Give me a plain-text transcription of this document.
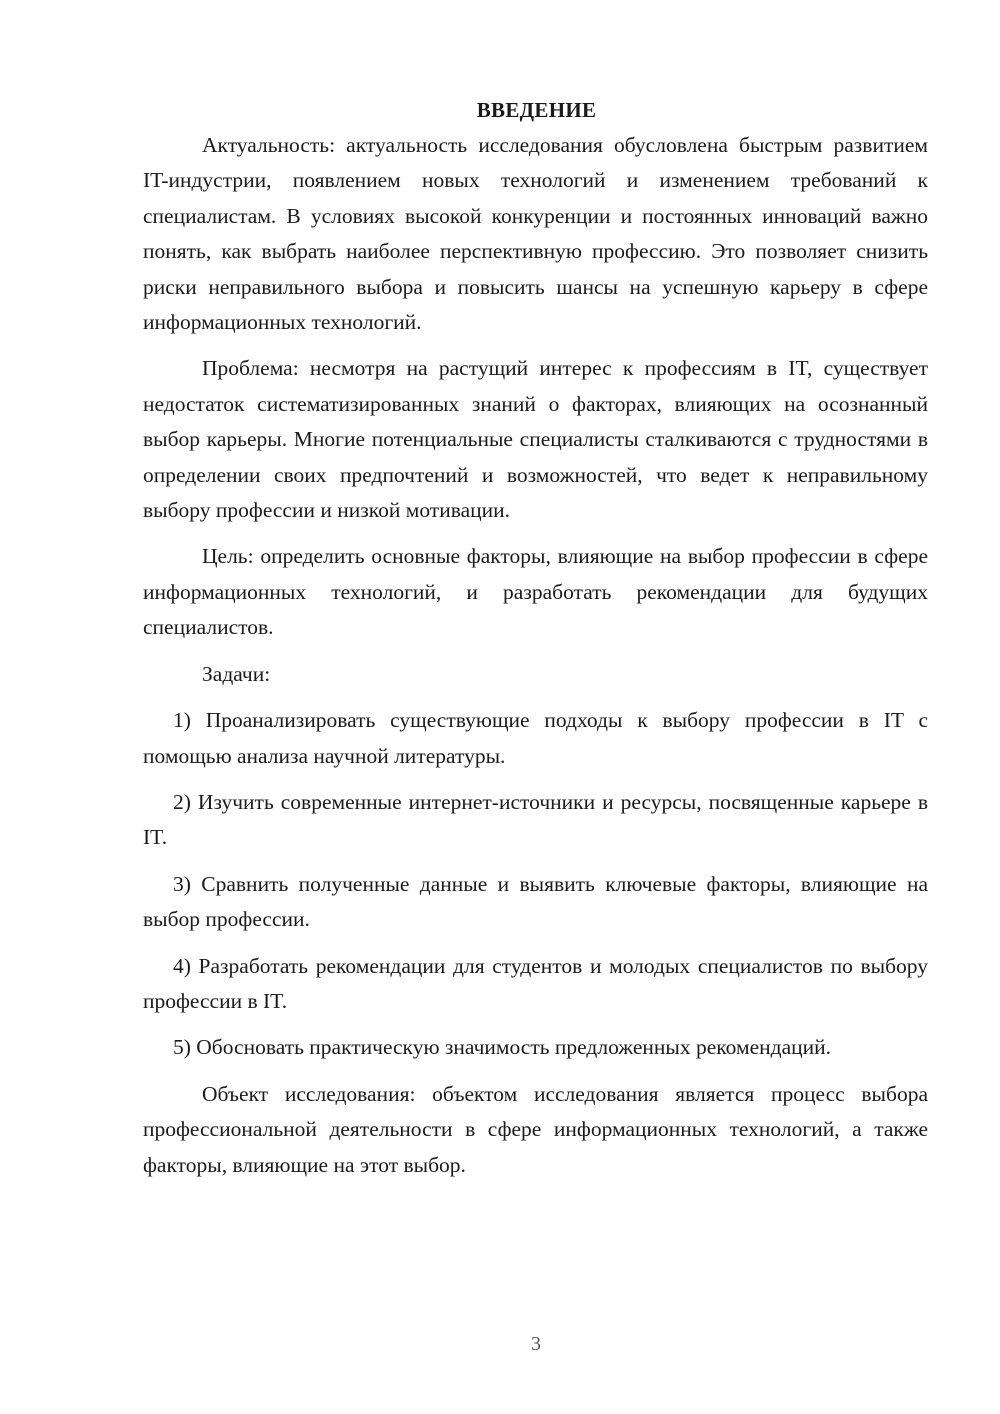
ВВЕДЕНИЕ

Актуальность: актуальность исследования обусловлена быстрым развитием IT-индустрии, появлением новых технологий и изменением требований к специалистам. В условиях высокой конкуренции и постоянных инноваций важно понять, как выбрать наиболее перспективную профессию. Это позволяет снизить риски неправильного выбора и повысить шансы на успешную карьеру в сфере информационных технологий.

Проблема: несмотря на растущий интерес к профессиям в IT, существует недостаток систематизированных знаний о факторах, влияющих на осознанный выбор карьеры. Многие потенциальные специалисты сталкиваются с трудностями в определении своих предпочтений и возможностей, что ведет к неправильному выбору профессии и низкой мотивации.

Цель: определить основные факторы, влияющие на выбор профессии в сфере информационных технологий, и разработать рекомендации для будущих специалистов.

Задачи:

1) Проанализировать существующие подходы к выбору профессии в IT с помощью анализа научной литературы.

2) Изучить современные интернет-источники и ресурсы, посвященные карьере в IT.

3) Сравнить полученные данные и выявить ключевые факторы, влияющие на выбор профессии.

4) Разработать рекомендации для студентов и молодых специалистов по выбору профессии в IT.

5) Обосновать практическую значимость предложенных рекомендаций.

Объект исследования: объектом исследования является процесс выбора профессиональной деятельности в сфере информационных технологий, а также факторы, влияющие на этот выбор.

3
